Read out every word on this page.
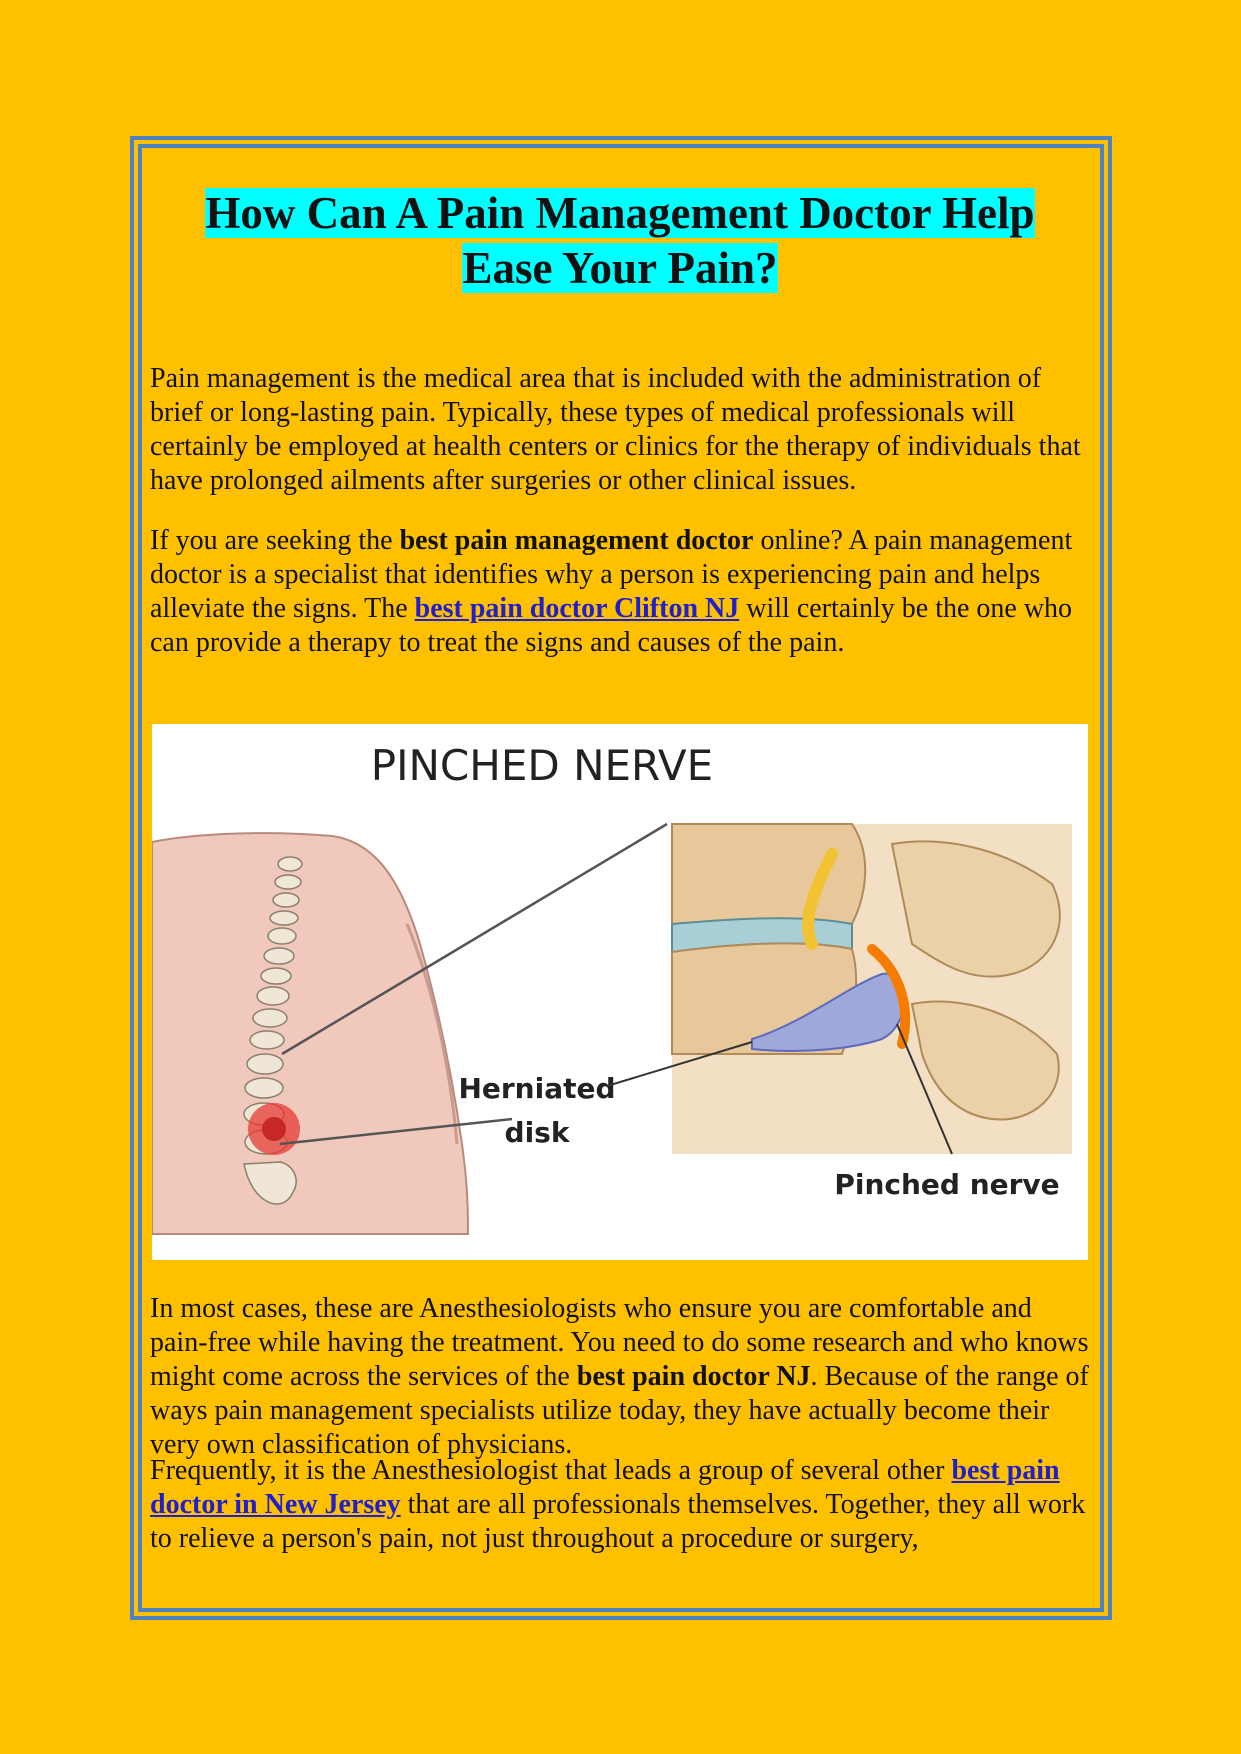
How Can A Pain Management Doctor Help
Ease Your Pain?

Pain management is the medical area that is included with the administration of brief or long-lasting pain. Typically, these types of medical professionals will certainly be employed at health centers or clinics for the therapy of individuals that have prolonged ailments after surgeries or other clinical issues.

If you are seeking the best pain management doctor online? A pain management doctor is a specialist that identifies why a person is experiencing pain and helps alleviate the signs. The best pain doctor Clifton NJ will certainly be the one who can provide a therapy to treat the signs and causes of the pain.

PINCHED NERVE
Herniated
disk
Pinched nerve

In most cases, these are Anesthesiologists who ensure you are comfortable and pain-free while having the treatment. You need to do some research and who knows might come across the services of the best pain doctor NJ. Because of the range of ways pain management specialists utilize today, they have actually become their very own classification of physicians.

Frequently, it is the Anesthesiologist that leads a group of several other best pain doctor in New Jersey that are all professionals themselves. Together, they all work to relieve a person's pain, not just throughout a procedure or surgery,
